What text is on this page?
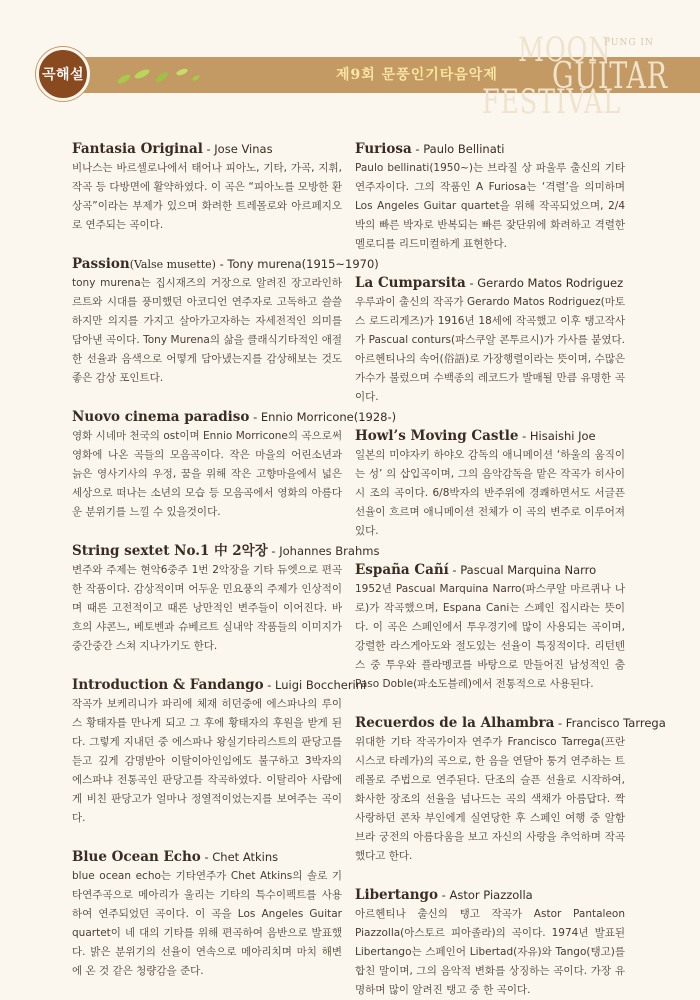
곡해설	제9회 문풍인기타음악제
MOON
PUNG IN
GUITAR
FESTIVAL
Fantasia Original - Jose Vinas

비나스는 바르셀로나에서 태어나 피아노, 기타, 가곡, 지휘, 작곡 등 다방면에 활약하였다. 이 곡은 “피아노를 모방한 환상곡”이라는 부제가 있으며 화려한 트레몰로와 아르페지오로 연주되는 곡이다.

Passion(Valse musette) - Tony murena(1915~1970)

tony murena는 집시재즈의 거장으로 알려진 장고라인하르트와 시대를 풍미했던 아코디언 연주자로 고독하고 쓸쓸하지만 의지를 가지고 살아가고자하는 자세전적인 의미를 담아낸 곡이다. Tony Murena의 삶을 클래식기타적인 애절한 선율과 음색으로 어떻게 담아냈는지를 감상해보는 것도 좋은 감상 포인트다.

Nuovo cinema paradiso - Ennio Morricone(1928-)

영화 시네마 천국의 ost이며 Ennio Morricone의 곡으로써 영화에 나온 곡들의 모음곡이다. 작은 마을의 어린소년과 늙은 영사기사의 우정, 꿈을 위해 작은 고향마을에서 넓은 세상으로 떠나는 소년의 모습 등 모음곡에서 영화의 아름다운 분위기를 느낄 수 있을것이다.

String sextet No.1 中 2악장 - Johannes Brahms

변주와 주제는 현악6중주 1번 2악장을 기타 듀엣으로 편곡한 작품이다. 감상적이며 어두운 민요풍의 주제가 인상적이며 때론 고전적이고 때론 낭만적인 변주들이 이어진다. 바흐의 샤콘느, 베토벤과 슈베르트 실내악 작품들의 이미지가 중간중간 스쳐 지나가기도 한다.

Introduction & Fandango - Luigi Boccherini

작곡가 보케리니가 파리에 체재 히던중에 에스파나의 루이스 황태자를 만나게 되고 그 후에 황태자의 후원을 받게 된다. 그렇게 지내던 중 에스파나 왕실기타리스트의 판당고를 듣고 깊게 감명받아 이탈이아인임에도 불구하고 3박자의 에스파냐 전통곡인 판당고를 작곡하였다. 이탈리아 사람에게 비친 판당고가 얼마나 정열적이었는지를 보여주는 곡이다.

Blue Ocean Echo - Chet Atkins

blue ocean echo는 기타연주가 Chet Atkins의 솔로 기타연주곡으로 메아리가 울리는 기타의 특수이펙트를 사용하여 연주되었던 곡이다. 이 곡을 Los Angeles Guitar quartet이 네 대의 기타를 위해 편곡하여 음반으로 발표했다. 밝은 분위기의 선율이 연속으로 메아리치며 마치 해변에 온 것 같은 청량감을 준다.

Furiosa - Paulo Bellinati

Paulo bellinati(1950~)는 브라질 상 파울루 출신의 기타연주자이다. 그의 작품인 A Furiosa는 ‘격렬’을 의미하며 Los Angeles Guitar quartet을 위해 작곡되었으며, 2/4박의 빠른 박자로 반복되는 빠른 잦단위에 화려하고 격렬한 멜로디를 리드미컬하게 표현한다.

La Cumparsita - Gerardo Matos Rodriguez

우루과이 출신의 작곡가 Gerardo Matos Rodriguez(마토스 로드리게즈)가 1916년 18세에 작곡했고 이후 탱고작사가 Pascual conturs(파스쿠알 콘투르시)가 가사를 붙였다. 아르헨티나의 속어(俗語)로 가장행렬이라는 뜻이며, 수많은 가수가 불렀으며 수백종의 레코드가 발매될 만큼 유명한 곡이다.

Howl’s Moving Castle - Hisaishi Joe

일본의 미야자키 하야오 감독의 애니메이션 ‘하울의 움직이는 성’ 의 삽입곡이며, 그의 음악감독을 맡은 작곡가 히사이시 조의 곡이다. 6/8박자의 반주위에 경쾌하면서도 서글픈 선율이 흐르며 애니메이션 전체가 이 곡의 변주로 이루어져 있다.

España Cañí - Pascual Marquina Narro

1952년 Pascual Marquina Narro(파스쿠알 마르퀴나 나로)가 작곡했으며, Espana Cani는 스페인 집시라는 뜻이다. 이 곡은 스페인에서 투우경기에 많이 사용되는 곡이며, 강렬한 라스게아도와 절도있는 선율이 특징적이다. 리턴텐스 중 투우와 플라멩코를 바탕으로 만들어진 남성적인 춤 Paso Doble(파소도블레)에서 전통적으로 사용된다.

Recuerdos de la Alhambra - Francisco Tarrega

위대한 기타 작곡가이자 연주가 Francisco Tarrega(프란시스코 타레가)의 곡으로, 한 음을 연달아 퉁겨 연주하는 트레몰로 주법으로 연주된다. 단조의 슬픈 선율로 시작하여, 화사한 장조의 선율을 넘나드는 곡의 색채가 아름답다. 짝사랑하던 콘차 부인에게 실연당한 후 스페인 여행 중 알함브라 궁전의 아름다움을 보고 자신의 사랑을 추억하며 작곡했다고 한다.

Libertango - Astor Piazzolla

아르헨티나 출신의 탱고 작곡가 Astor Pantaleon Piazzolla(아스토르 피아졸라)의 곡이다. 1974년 발표된 Libertango는 스페인어 Libertad(자유)와 Tango(탱고)를 합친 말이며, 그의 음악적 변화를 상징하는 곡이다. 가장 유명하며 많이 알려진 탱고 중 한 곡이다.
